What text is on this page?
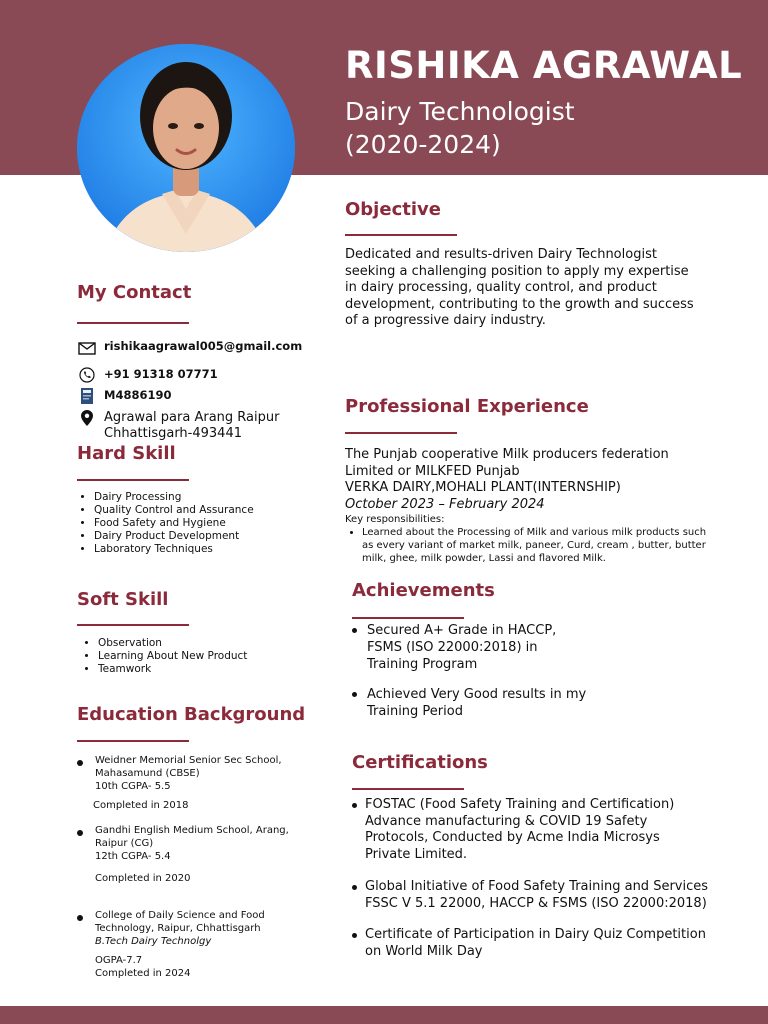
RISHIKA AGRAWAL
Dairy Technologist
(2020-2024)
My Contact
rishikaagrawal005@gmail.com
+91 91318 07771
M4886190
Agrawal para Arang Raipur
Chhattisgarh-493441
Hard Skill
• Dairy Processing
• Quality Control and Assurance
• Food Safety and Hygiene
• Dairy Product Development
• Laboratory Techniques
Soft Skill
• Observation
• Learning About New Product
• Teamwork
Education Background
Weidner Memorial Senior Sec School,
Mahasamund (CBSE)
10th CGPA- 5.5
Completed in 2018
Gandhi English Medium School, Arang,
Raipur (CG)
12th CGPA- 5.4
Completed in 2020
College of Daily Science and Food
Technology, Raipur, Chhattisgarh
B.Tech Dairy Technolgy
OGPA-7.7
Completed in 2024
Objective
Dedicated and results-driven Dairy Technologist seeking a challenging position to apply my expertise in dairy processing, quality control, and product development, contributing to the growth and success of a progressive dairy industry.
Professional Experience
The Punjab cooperative Milk producers federation
Limited or MILKFED Punjab
VERKA DAIRY,MOHALI PLANT(INTERNSHIP)
October 2023 – February 2024
Key responsibilities:
• Learned about the Processing of Milk and various milk products such as every variant of market milk, paneer, Curd, cream , butter, butter milk, ghee, milk powder, Lassi and flavored Milk.
Achievements
Secured A+ Grade in HACCP, FSMS (ISO 22000:2018) in Training Program
Achieved Very Good results in my Training Period
Certifications
FOSTAC (Food Safety Training and Certification) Advance manufacturing & COVID 19 Safety Protocols, Conducted by Acme India Microsys Private Limited.
Global Initiative of Food Safety Training and Services FSSC V 5.1 22000, HACCP & FSMS (ISO 22000:2018)
Certificate of Participation in Dairy Quiz Competition on World Milk Day
